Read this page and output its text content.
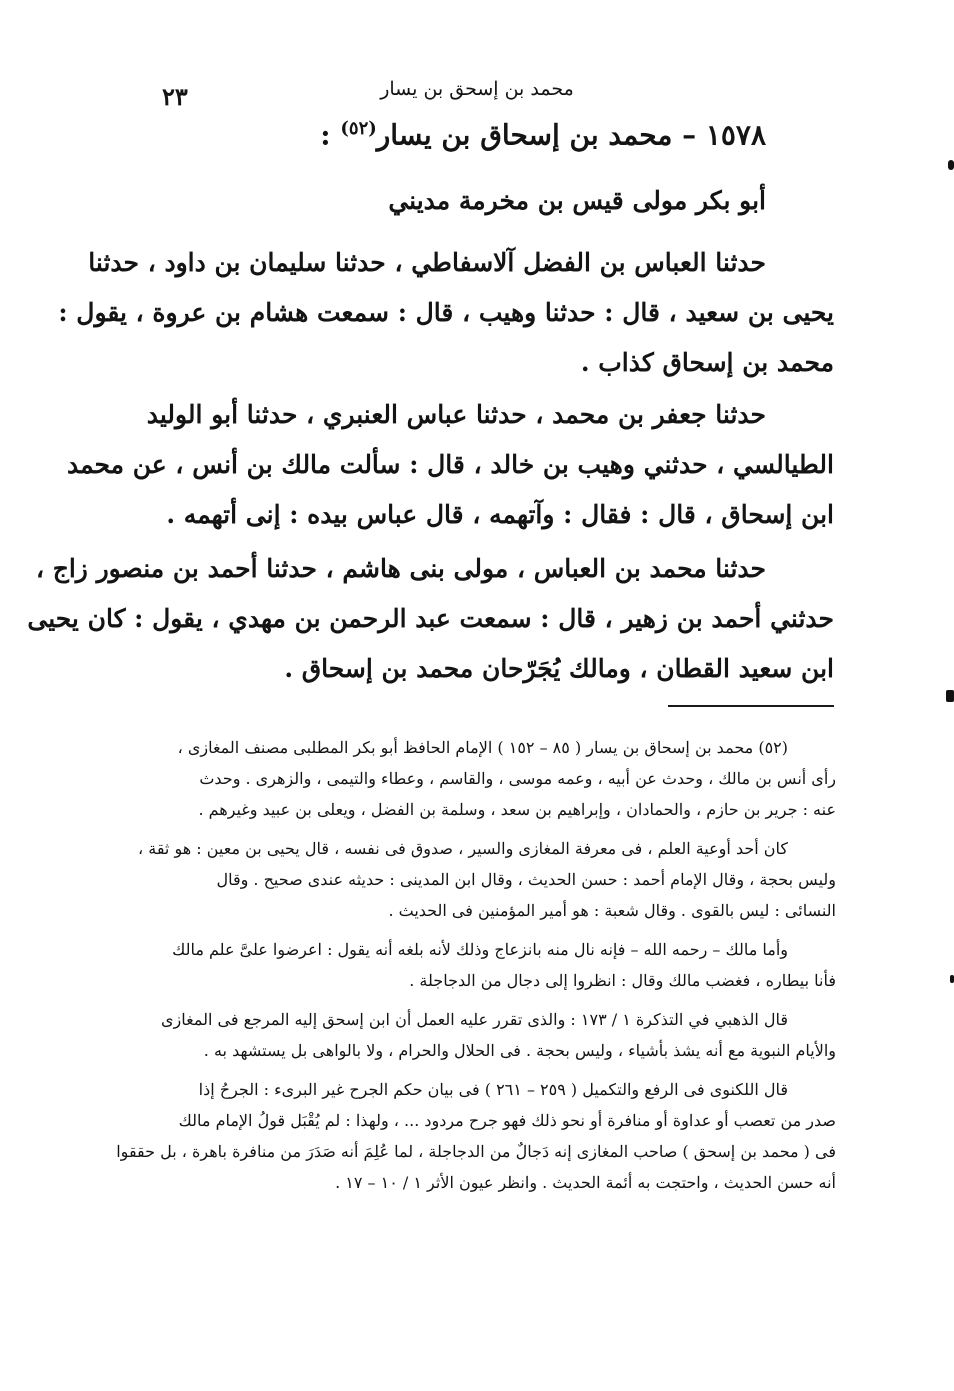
محمد بن إسحق بن يسار
٢٣
١٥٧٨ – محمد بن إسحاق بن يسار$^{(٥٢)}$ :
أبو بكر مولى قيس بن مخرمة مديني
حدثنا العباس بن الفضل آلاسفاطي ، حدثنا سليمان بن داود ، حدثنا
يحيى بن سعيد ، قال : حدثنا وهيب ، قال : سمعت هشام بن عروة ، يقول :
محمد بن إسحاق كذاب .
حدثنا جعفر بن محمد ، حدثنا عباس العنبري ، حدثنا أبو الوليد
الطيالسي ، حدثني وهيب بن خالد ، قال : سألت مالك بن أنس ، عن محمد
ابن إسحاق ، قال : فقال : وآتهمه ، قال عباس بيده : إنى أتهمه .
حدثنا محمد بن العباس ، مولى بنى هاشم ، حدثنا أحمد بن منصور زاج ،
حدثني أحمد بن زهير ، قال : سمعت عبد الرحمن بن مهدي ، يقول : كان يحيى
ابن سعيد القطان ، ومالك يُجَرّحان محمد بن إسحاق .
(٥٢) محمد بن إسحاق بن يسار ( ٨٥ – ١٥٢ ) الإمام الحافظ أبو بكر المطلبى مصنف المغازى ،
رأى أنس بن مالك ، وحدث عن أبيه ، وعمه موسى ، والقاسم ، وعطاء والتيمى ، والزهرى . وحدث
عنه : جرير بن حازم ، والحمادان ، وإبراهيم بن سعد ، وسلمة بن الفضل ، ويعلى بن عبيد وغيرهم .
كان أحد أوعية العلم ، فى معرفة المغازى والسير ، صدوق فى نفسه ، قال يحيى بن معين : هو ثقة ،
وليس بحجة ، وقال الإمام أحمد : حسن الحديث ، وقال ابن المدينى : حديثه عندى صحيح . وقال
النسائى : ليس بالقوى . وقال شعبة : هو أمير المؤمنين فى الحديث .
وأما مالك – رحمه الله – فإنه نال منه بانزعاج وذلك لأنه بلغه أنه يقول : اعرضوا علىَّ علم مالك
فأنا بيطاره ، فغضب مالك وقال : انظروا إلى دجال من الدجاجلة .
قال الذهبي في التذكرة ١ / ١٧٣ : والذى تقرر عليه العمل أن ابن إسحق إليه المرجع فى المغازى
والأيام النبوية مع أنه يشذ بأشياء ، وليس بحجة . فى الحلال والحرام ، ولا بالواهى بل يستشهد به .
قال اللكنوى فى الرفع والتكميل ( ٢٥٩ – ٢٦١ ) فى بيان حكم الجرح غير البرىء : الجرحُ إذا
صدر من تعصب أو عداوة أو منافرة أو نحو ذلك فهو جرح مردود ... ، ولهذا : لم يُقْبَل قولُ الإمام مالك
فى ( محمد بن إسحق ) صاحب المغازى إنه دَجالٌ من الدجاجلة ، لما عُلِمَ أنه صَدَرَ من منافرة باهرة ، بل حققوا
أنه حسن الحديث ، واحتجت به أئمة الحديث . وانظر عيون الأثر ١ / ١٠ – ١٧ .
